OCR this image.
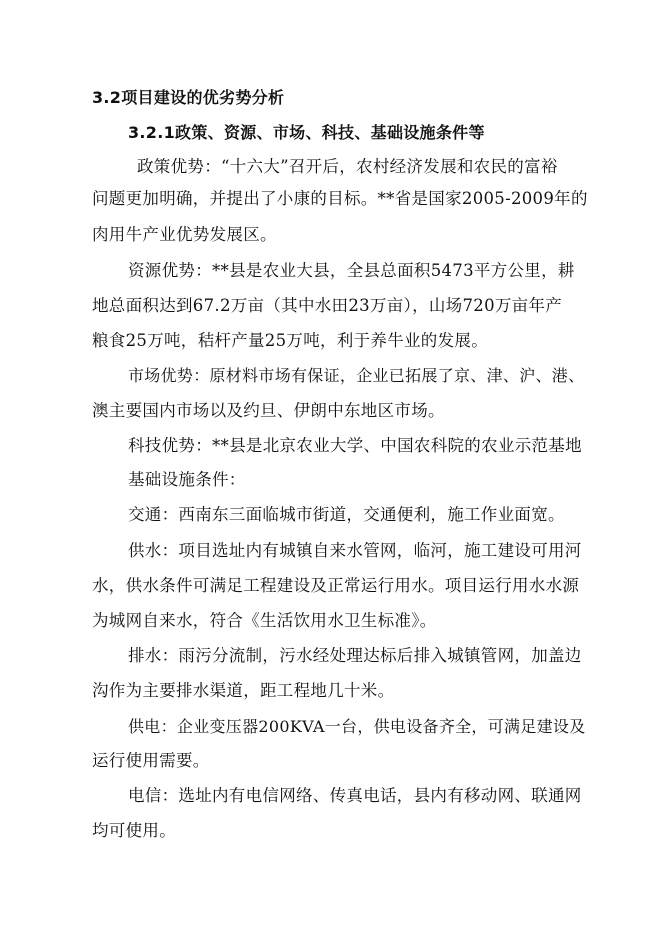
3.2项目建设的优劣势分析
3.2.1政策、资源、市场、科技、基础设施条件等
政策优势：“十六大”召开后，农村经济发展和农民的富裕
问题更加明确，并提出了小康的目标。**省是国家2005-2009年的
肉用牛产业优势发展区。
资源优势：**县是农业大县，全县总面积5473平方公里，耕
地总面积达到67.2万亩（其中水田23万亩），山场720万亩年产
粮食25万吨，秸杆产量25万吨，利于养牛业的发展。
市场优势：原材料市场有保证，企业已拓展了京、津、沪、港、
澳主要国内市场以及约旦、伊朗中东地区市场。
科技优势：**县是北京农业大学、中国农科院的农业示范基地
基础设施条件：
交通：西南东三面临城市街道，交通便利，施工作业面宽。
供水：项目选址内有城镇自来水管网，临河，施工建设可用河
水，供水条件可满足工程建设及正常运行用水。项目运行用水水源
为城网自来水，符合《生活饮用水卫生标准》。
排水：雨污分流制，污水经处理达标后排入城镇管网，加盖边
沟作为主要排水渠道，距工程地几十米。
供电：企业变压器200KVA一台，供电设备齐全，可满足建设及
运行使用需要。
电信：选址内有电信网络、传真电话，县内有移动网、联通网
均可使用。
